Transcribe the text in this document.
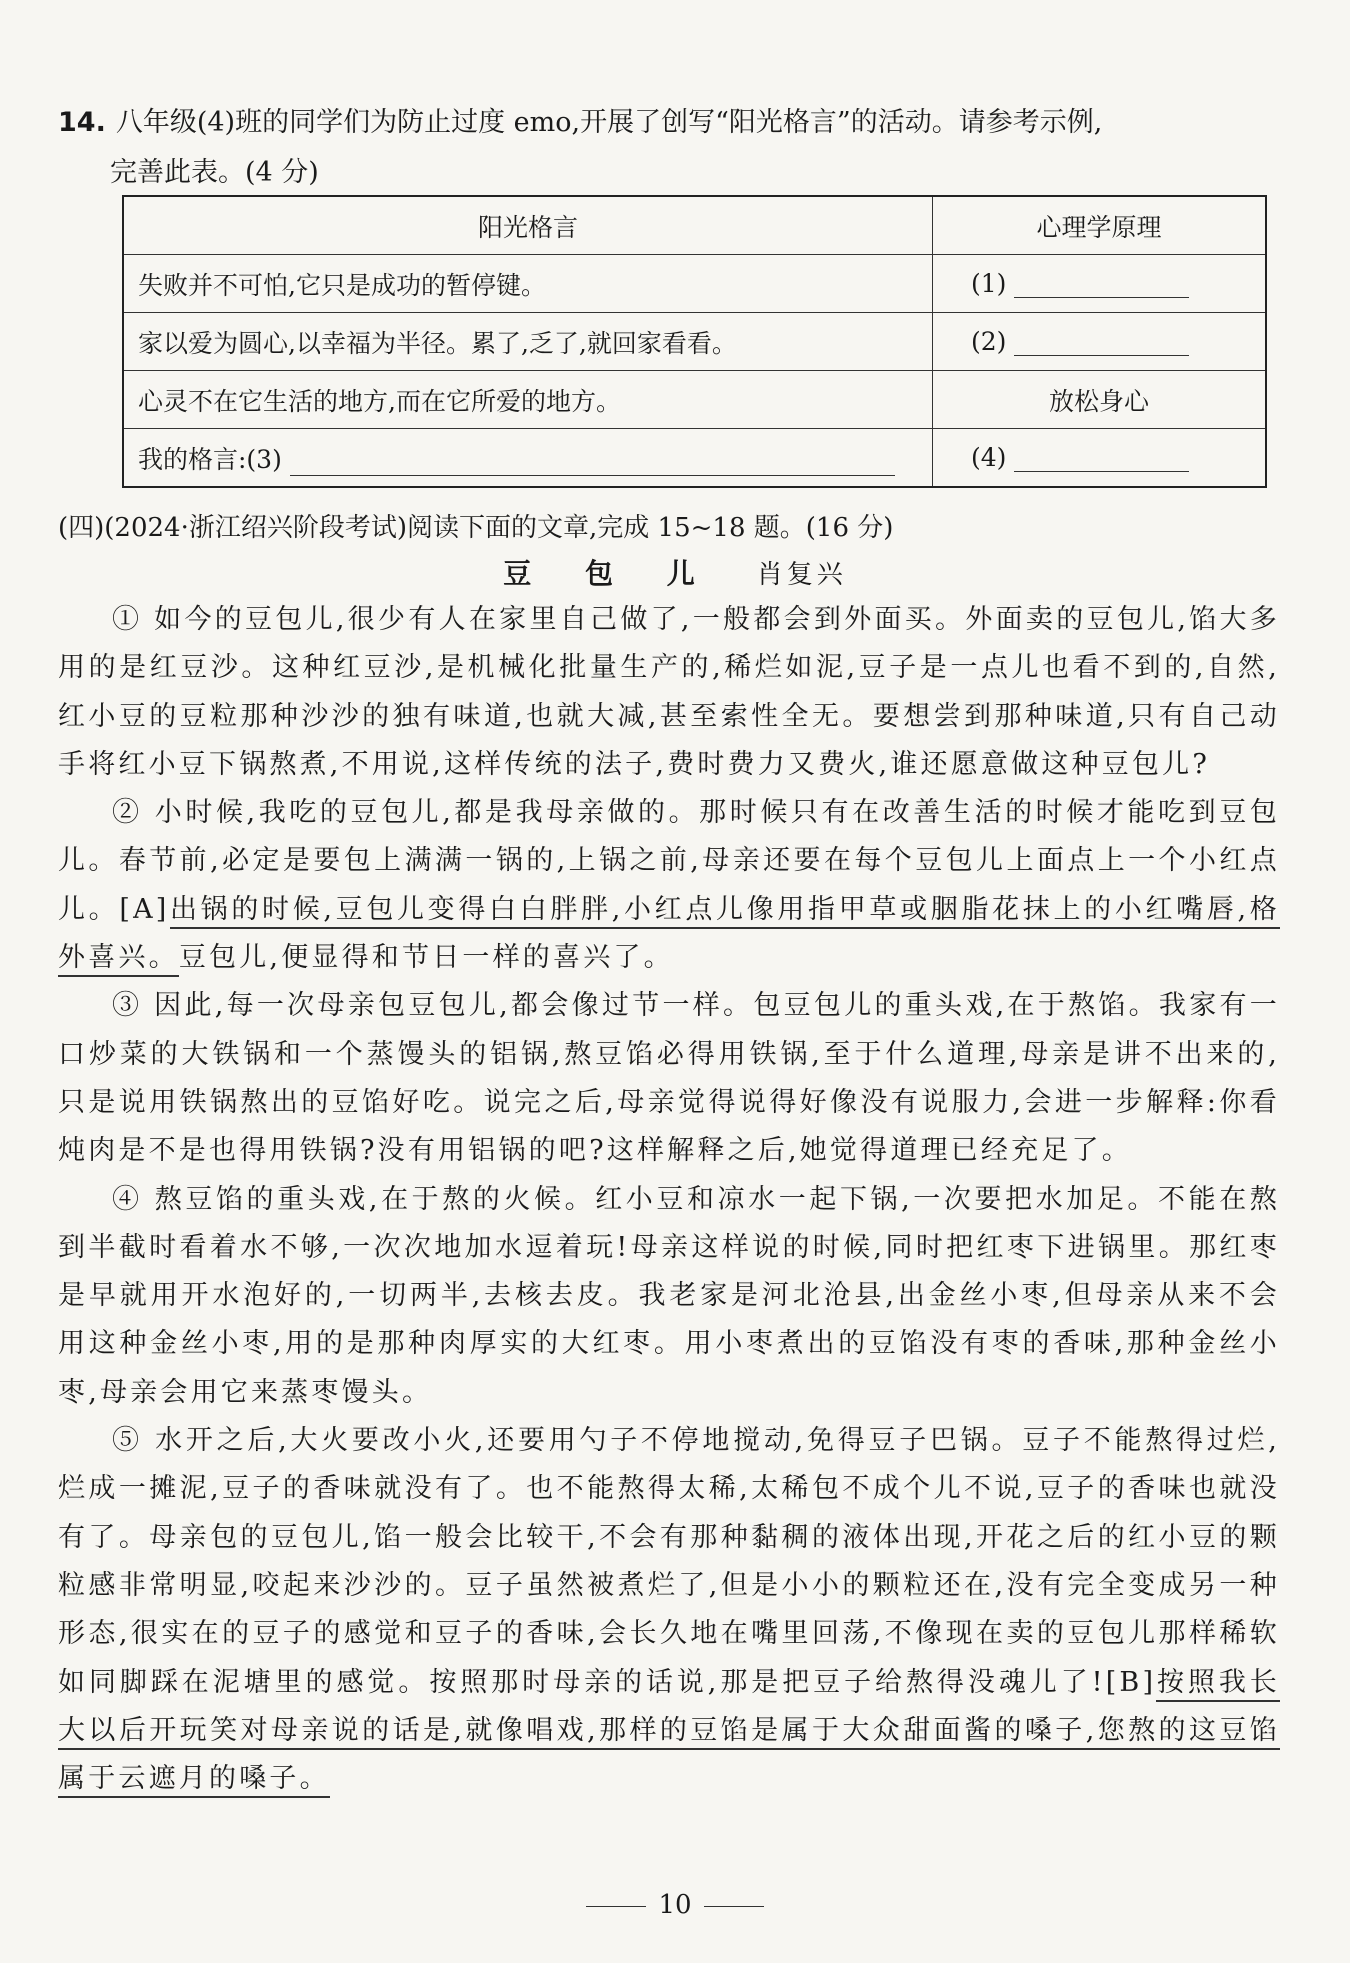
14. 八年级(4)班的同学们为防止过度 emo,开展了创写“阳光格言”的活动。请参考示例,
完善此表。(4 分)
阳光格言	心理学原理
失败并不可怕,它只是成功的暂停键。	(1)
家以爱为圆心,以幸福为半径。累了,乏了,就回家看看。	(2)
心灵不在它生活的地方,而在它所爱的地方。	放松身心
我的格言:(3)	(4)
(四)(2024·浙江绍兴阶段考试)阅读下面的文章,完成 15~18 题。(16 分)
豆 包 儿 肖复兴

① 如今的豆包儿,很少有人在家里自己做了,一般都会到外面买。外面卖的豆包儿,馅大多用的是红豆沙。这种红豆沙,是机械化批量生产的,稀烂如泥,豆子是一点儿也看不到的,自然,红小豆的豆粒那种沙沙的独有味道,也就大减,甚至索性全无。要想尝到那种味道,只有自己动手将红小豆下锅熬煮,不用说,这样传统的法子,费时费力又费火,谁还愿意做这种豆包儿?

② 小时候,我吃的豆包儿,都是我母亲做的。那时候只有在改善生活的时候才能吃到豆包儿。春节前,必定是要包上满满一锅的,上锅之前,母亲还要在每个豆包儿上面点上一个小红点儿。[A]出锅的时候,豆包儿变得白白胖胖,小红点儿像用指甲草或胭脂花抹上的小红嘴唇,格外喜兴。豆包儿,便显得和节日一样的喜兴了。

③ 因此,每一次母亲包豆包儿,都会像过节一样。包豆包儿的重头戏,在于熬馅。我家有一口炒菜的大铁锅和一个蒸馒头的铝锅,熬豆馅必得用铁锅,至于什么道理,母亲是讲不出来的,只是说用铁锅熬出的豆馅好吃。说完之后,母亲觉得说得好像没有说服力,会进一步解释:你看炖肉是不是也得用铁锅?没有用铝锅的吧?这样解释之后,她觉得道理已经充足了。

④ 熬豆馅的重头戏,在于熬的火候。红小豆和凉水一起下锅,一次要把水加足。不能在熬到半截时看着水不够,一次次地加水逗着玩!母亲这样说的时候,同时把红枣下进锅里。那红枣是早就用开水泡好的,一切两半,去核去皮。我老家是河北沧县,出金丝小枣,但母亲从来不会用这种金丝小枣,用的是那种肉厚实的大红枣。用小枣煮出的豆馅没有枣的香味,那种金丝小枣,母亲会用它来蒸枣馒头。

⑤ 水开之后,大火要改小火,还要用勺子不停地搅动,免得豆子巴锅。豆子不能熬得过烂,烂成一摊泥,豆子的香味就没有了。也不能熬得太稀,太稀包不成个儿不说,豆子的香味也就没有了。母亲包的豆包儿,馅一般会比较干,不会有那种黏稠的液体出现,开花之后的红小豆的颗粒感非常明显,咬起来沙沙的。豆子虽然被煮烂了,但是小小的颗粒还在,没有完全变成另一种形态,很实在的豆子的感觉和豆子的香味,会长久地在嘴里回荡,不像现在卖的豆包儿那样稀软如同脚踩在泥塘里的感觉。按照那时母亲的话说,那是把豆子给熬得没魂儿了![B]按照我长大以后开玩笑对母亲说的话是,就像唱戏,那样的豆馅是属于大众甜面酱的嗓子,您熬的这豆馅属于云遮月的嗓子。

10
